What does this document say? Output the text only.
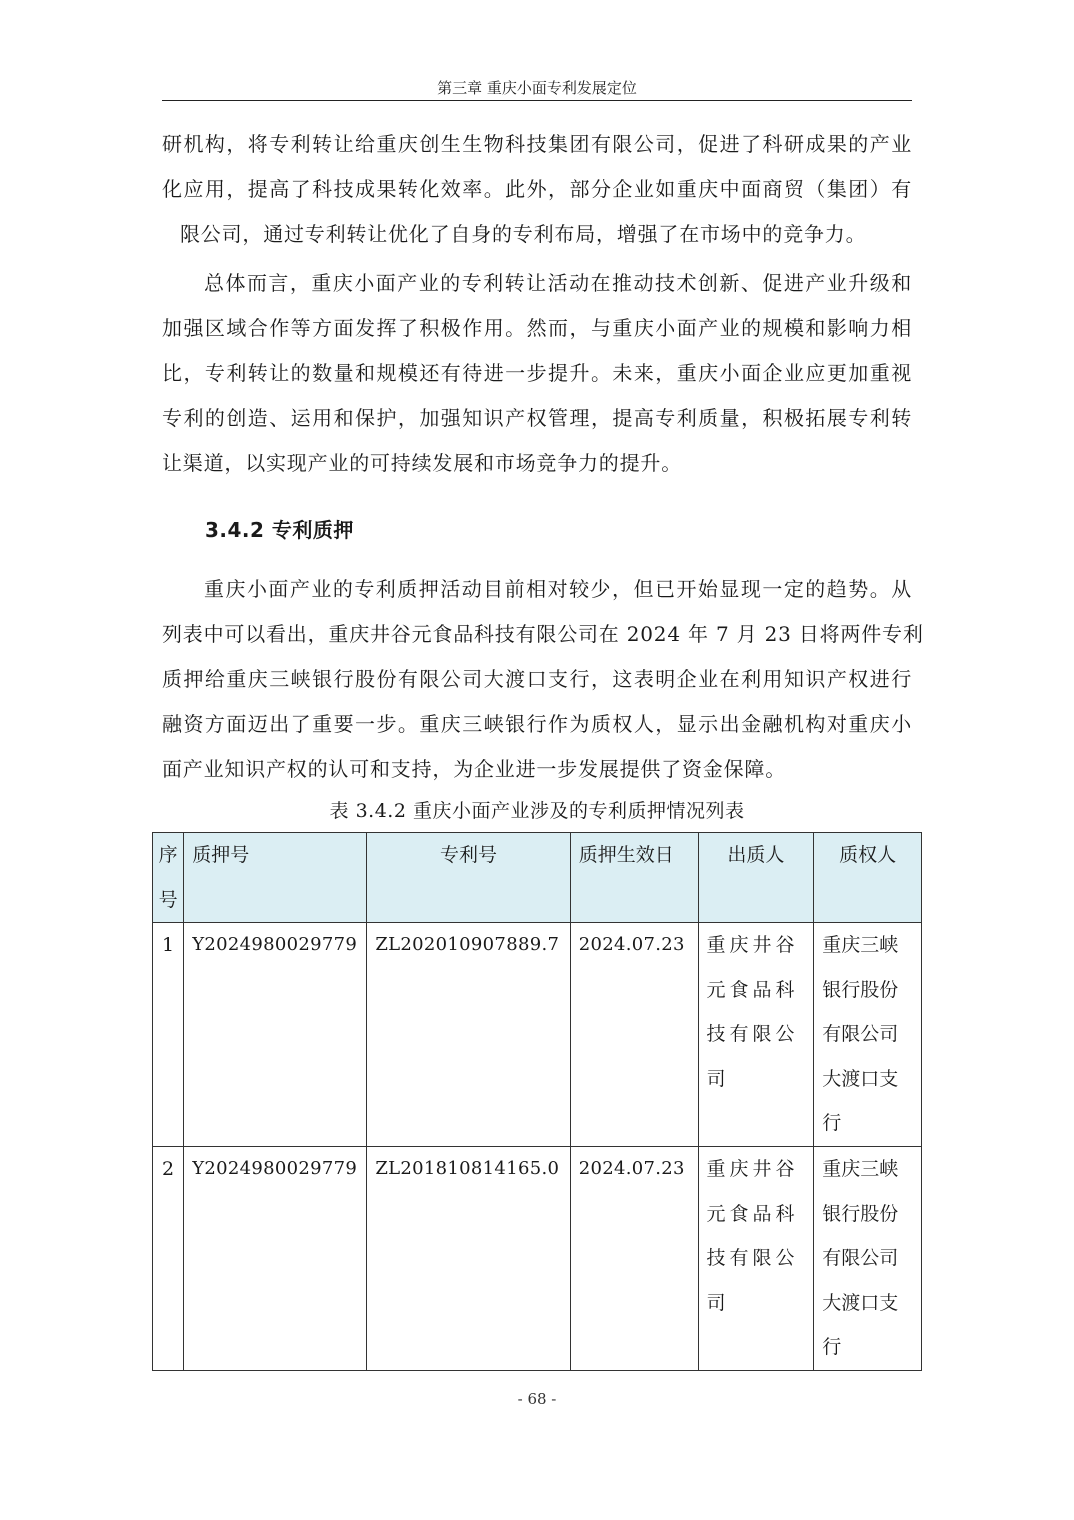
第三章 重庆小面专利发展定位

研机构，将专利转让给重庆创生生物科技集团有限公司，促进了科研成果的产业
化应用，提高了科技成果转化效率。此外，部分企业如重庆中面商贸（集团）有
限公司，通过专利转让优化了自身的专利布局，增强了在市场中的竞争力。

总体而言，重庆小面产业的专利转让活动在推动技术创新、促进产业升级和
加强区域合作等方面发挥了积极作用。然而，与重庆小面产业的规模和影响力相
比，专利转让的数量和规模还有待进一步提升。未来，重庆小面企业应更加重视
专利的创造、运用和保护，加强知识产权管理，提高专利质量，积极拓展专利转
让渠道，以实现产业的可持续发展和市场竞争力的提升。

3.4.2 专利质押

重庆小面产业的专利质押活动目前相对较少，但已开始显现一定的趋势。从
列表中可以看出，重庆井谷元食品科技有限公司在 2024 年 7 月 23 日将两件专利
质押给重庆三峡银行股份有限公司大渡口支行，这表明企业在利用知识产权进行
融资方面迈出了重要一步。重庆三峡银行作为质权人，显示出金融机构对重庆小
面产业知识产权的认可和支持，为企业进一步发展提供了资金保障。

表 3.4.2 重庆小面产业涉及的专利质押情况列表
序号	质押号	专利号	质押生效日	出质人	质权人
1	Y2024980029779	ZL202010907889.7	2024.07.23	重庆井谷元食品科技有限公司	重庆三峡银行股份有限公司大渡口支行
2	Y2024980029779	ZL201810814165.0	2024.07.23	重庆井谷元食品科技有限公司	重庆三峡银行股份有限公司大渡口支行
- 68 -
